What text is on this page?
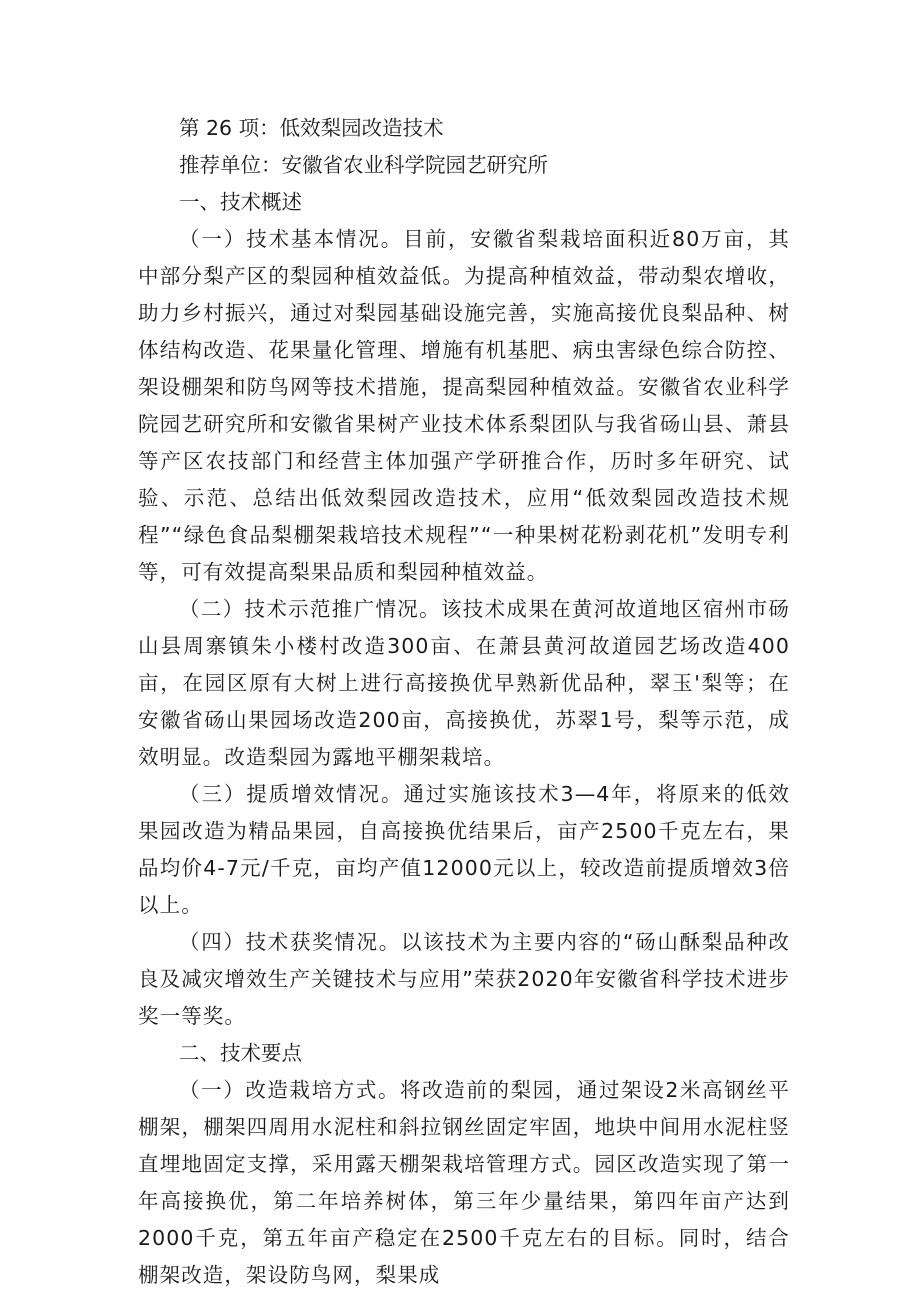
第 26 项：低效梨园改造技术

推荐单位：安徽省农业科学院园艺研究所

一、技术概述

（一）技术基本情况。目前，安徽省梨栽培面积近80万亩，其中部分梨产区的梨园种植效益低。为提高种植效益，带动梨农增收，助力乡村振兴，通过对梨园基础设施完善，实施高接优良梨品种、树体结构改造、花果量化管理、增施有机基肥、病虫害绿色综合防控、架设棚架和防鸟网等技术措施，提高梨园种植效益。安徽省农业科学院园艺研究所和安徽省果树产业技术体系梨团队与我省砀山县、萧县等产区农技部门和经营主体加强产学研推合作，历时多年研究、试验、示范、总结出低效梨园改造技术，应用“低效梨园改造技术规程”“绿色食品梨棚架栽培技术规程”“一种果树花粉剥花机”发明专利等，可有效提高梨果品质和梨园种植效益。

（二）技术示范推广情况。该技术成果在黄河故道地区宿州市砀山县周寨镇朱小楼村改造300亩、在萧县黄河故道园艺场改造400亩，在园区原有大树上进行高接换优早熟新优品种，翠玉'梨等；在安徽省砀山果园场改造200亩，高接换优，苏翠1号，梨等示范，成效明显。改造梨园为露地平棚架栽培。

（三）提质增效情况。通过实施该技术3—4年，将原来的低效果园改造为精品果园，自高接换优结果后，亩产2500千克左右，果品均价4-7元/千克，亩均产值12000元以上，较改造前提质增效3倍以上。

（四）技术获奖情况。以该技术为主要内容的“砀山酥梨品种改良及减灾增效生产关键技术与应用”荣获2020年安徽省科学技术进步奖一等奖。

二、技术要点

（一）改造栽培方式。将改造前的梨园，通过架设2米高钢丝平棚架，棚架四周用水泥柱和斜拉钢丝固定牢固，地块中间用水泥柱竖直埋地固定支撑，采用露天棚架栽培管理方式。园区改造实现了第一年高接换优，第二年培养树体，第三年少量结果，第四年亩产达到2000千克，第五年亩产稳定在2500千克左右的目标。同时，结合棚架改造，架设防鸟网，梨果成
